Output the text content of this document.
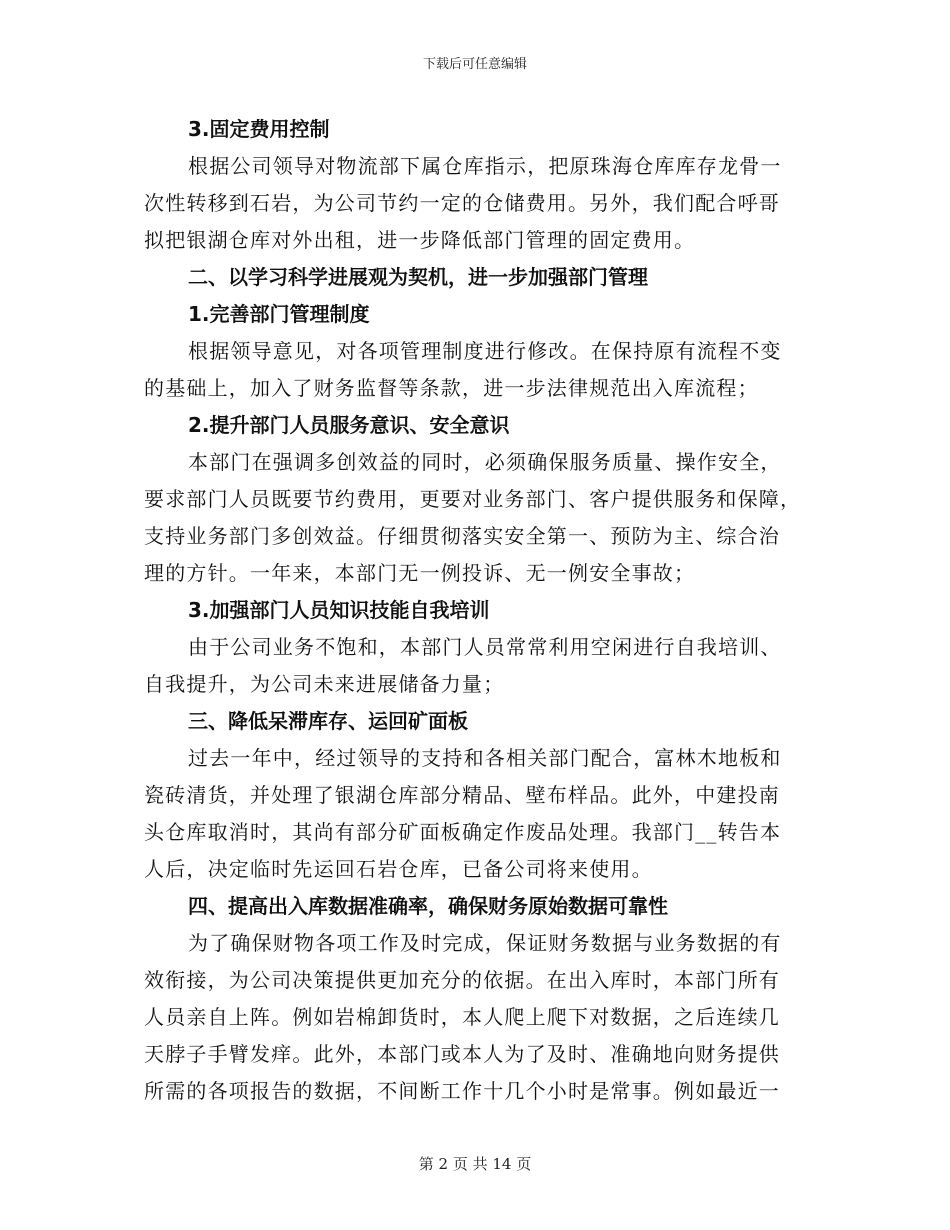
下载后可任意编辑
3.固定费用控制
根据公司领导对物流部下属仓库指示，把原珠海仓库库存龙骨一
次性转移到石岩，为公司节约一定的仓储费用。另外，我们配合呼哥
拟把银湖仓库对外出租，进一步降低部门管理的固定费用。
二、以学习科学进展观为契机，进一步加强部门管理
1.完善部门管理制度
根据领导意见，对各项管理制度进行修改。在保持原有流程不变
的基础上，加入了财务监督等条款，进一步法律规范出入库流程；
2.提升部门人员服务意识、安全意识
本部门在强调多创效益的同时，必须确保服务质量、操作安全，
要求部门人员既要节约费用，更要对业务部门、客户提供服务和保障，
支持业务部门多创效益。仔细贯彻落实安全第一、预防为主、综合治
理的方针。一年来，本部门无一例投诉、无一例安全事故；
3.加强部门人员知识技能自我培训
由于公司业务不饱和，本部门人员常常利用空闲进行自我培训、
自我提升，为公司未来进展储备力量；
三、降低呆滞库存、运回矿面板
过去一年中，经过领导的支持和各相关部门配合，富林木地板和
瓷砖清货，并处理了银湖仓库部分精品、壁布样品。此外，中建投南
头仓库取消时，其尚有部分矿面板确定作废品处理。我部门__转告本
人后，决定临时先运回石岩仓库，已备公司将来使用。
四、提高出入库数据准确率，确保财务原始数据可靠性
为了确保财物各项工作及时完成，保证财务数据与业务数据的有
效衔接，为公司决策提供更加充分的依据。在出入库时，本部门所有
人员亲自上阵。例如岩棉卸货时，本人爬上爬下对数据，之后连续几
天脖子手臂发痒。此外，本部门或本人为了及时、准确地向财务提供
所需的各项报告的数据，不间断工作十几个小时是常事。例如最近一
第 2 页 共 14 页
